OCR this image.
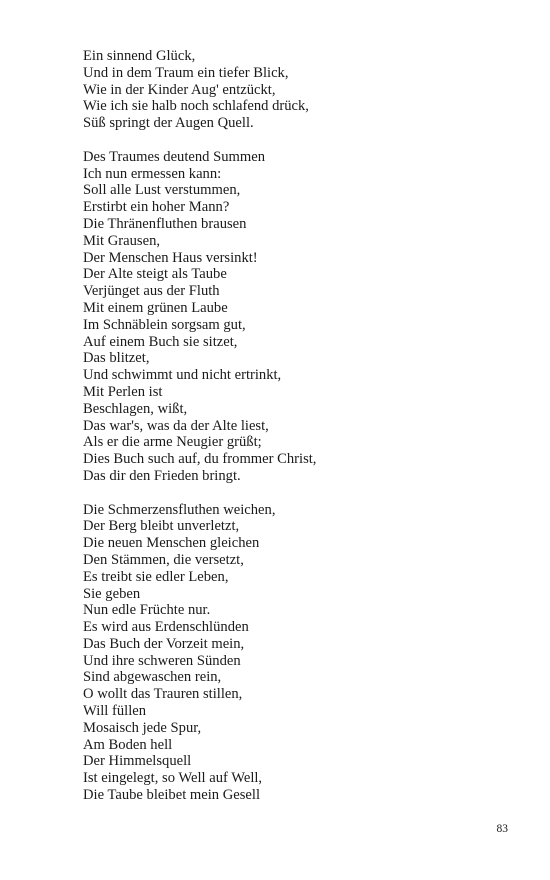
Ein sinnend Glück,
Und in dem Traum ein tiefer Blick,
Wie in der Kinder Aug' entzückt,
Wie ich sie halb noch schlafend drück,
Süß springt der Augen Quell.
Des Traumes deutend Summen
Ich nun ermessen kann:
Soll alle Lust verstummen,
Erstirbt ein hoher Mann?
Die Thränenfluthen brausen
Mit Grausen,
Der Menschen Haus versinkt!
Der Alte steigt als Taube
Verjünget aus der Fluth
Mit einem grünen Laube
Im Schnäblein sorgsam gut,
Auf einem Buch sie sitzet,
Das blitzet,
Und schwimmt und nicht ertrinkt,
Mit Perlen ist
Beschlagen, wißt,
Das war's, was da der Alte liest,
Als er die arme Neugier grüßt;
Dies Buch such auf, du frommer Christ,
Das dir den Frieden bringt.
Die Schmerzensfluthen weichen,
Der Berg bleibt unverletzt,
Die neuen Menschen gleichen
Den Stämmen, die versetzt,
Es treibt sie edler Leben,
Sie geben
Nun edle Früchte nur.
Es wird aus Erdenschlünden
Das Buch der Vorzeit mein,
Und ihre schweren Sünden
Sind abgewaschen rein,
O wollt das Trauren stillen,
Will füllen
Mosaisch jede Spur,
Am Boden hell
Der Himmelsquell
Ist eingelegt, so Well auf Well,
Die Taube bleibet mein Gesell
83
